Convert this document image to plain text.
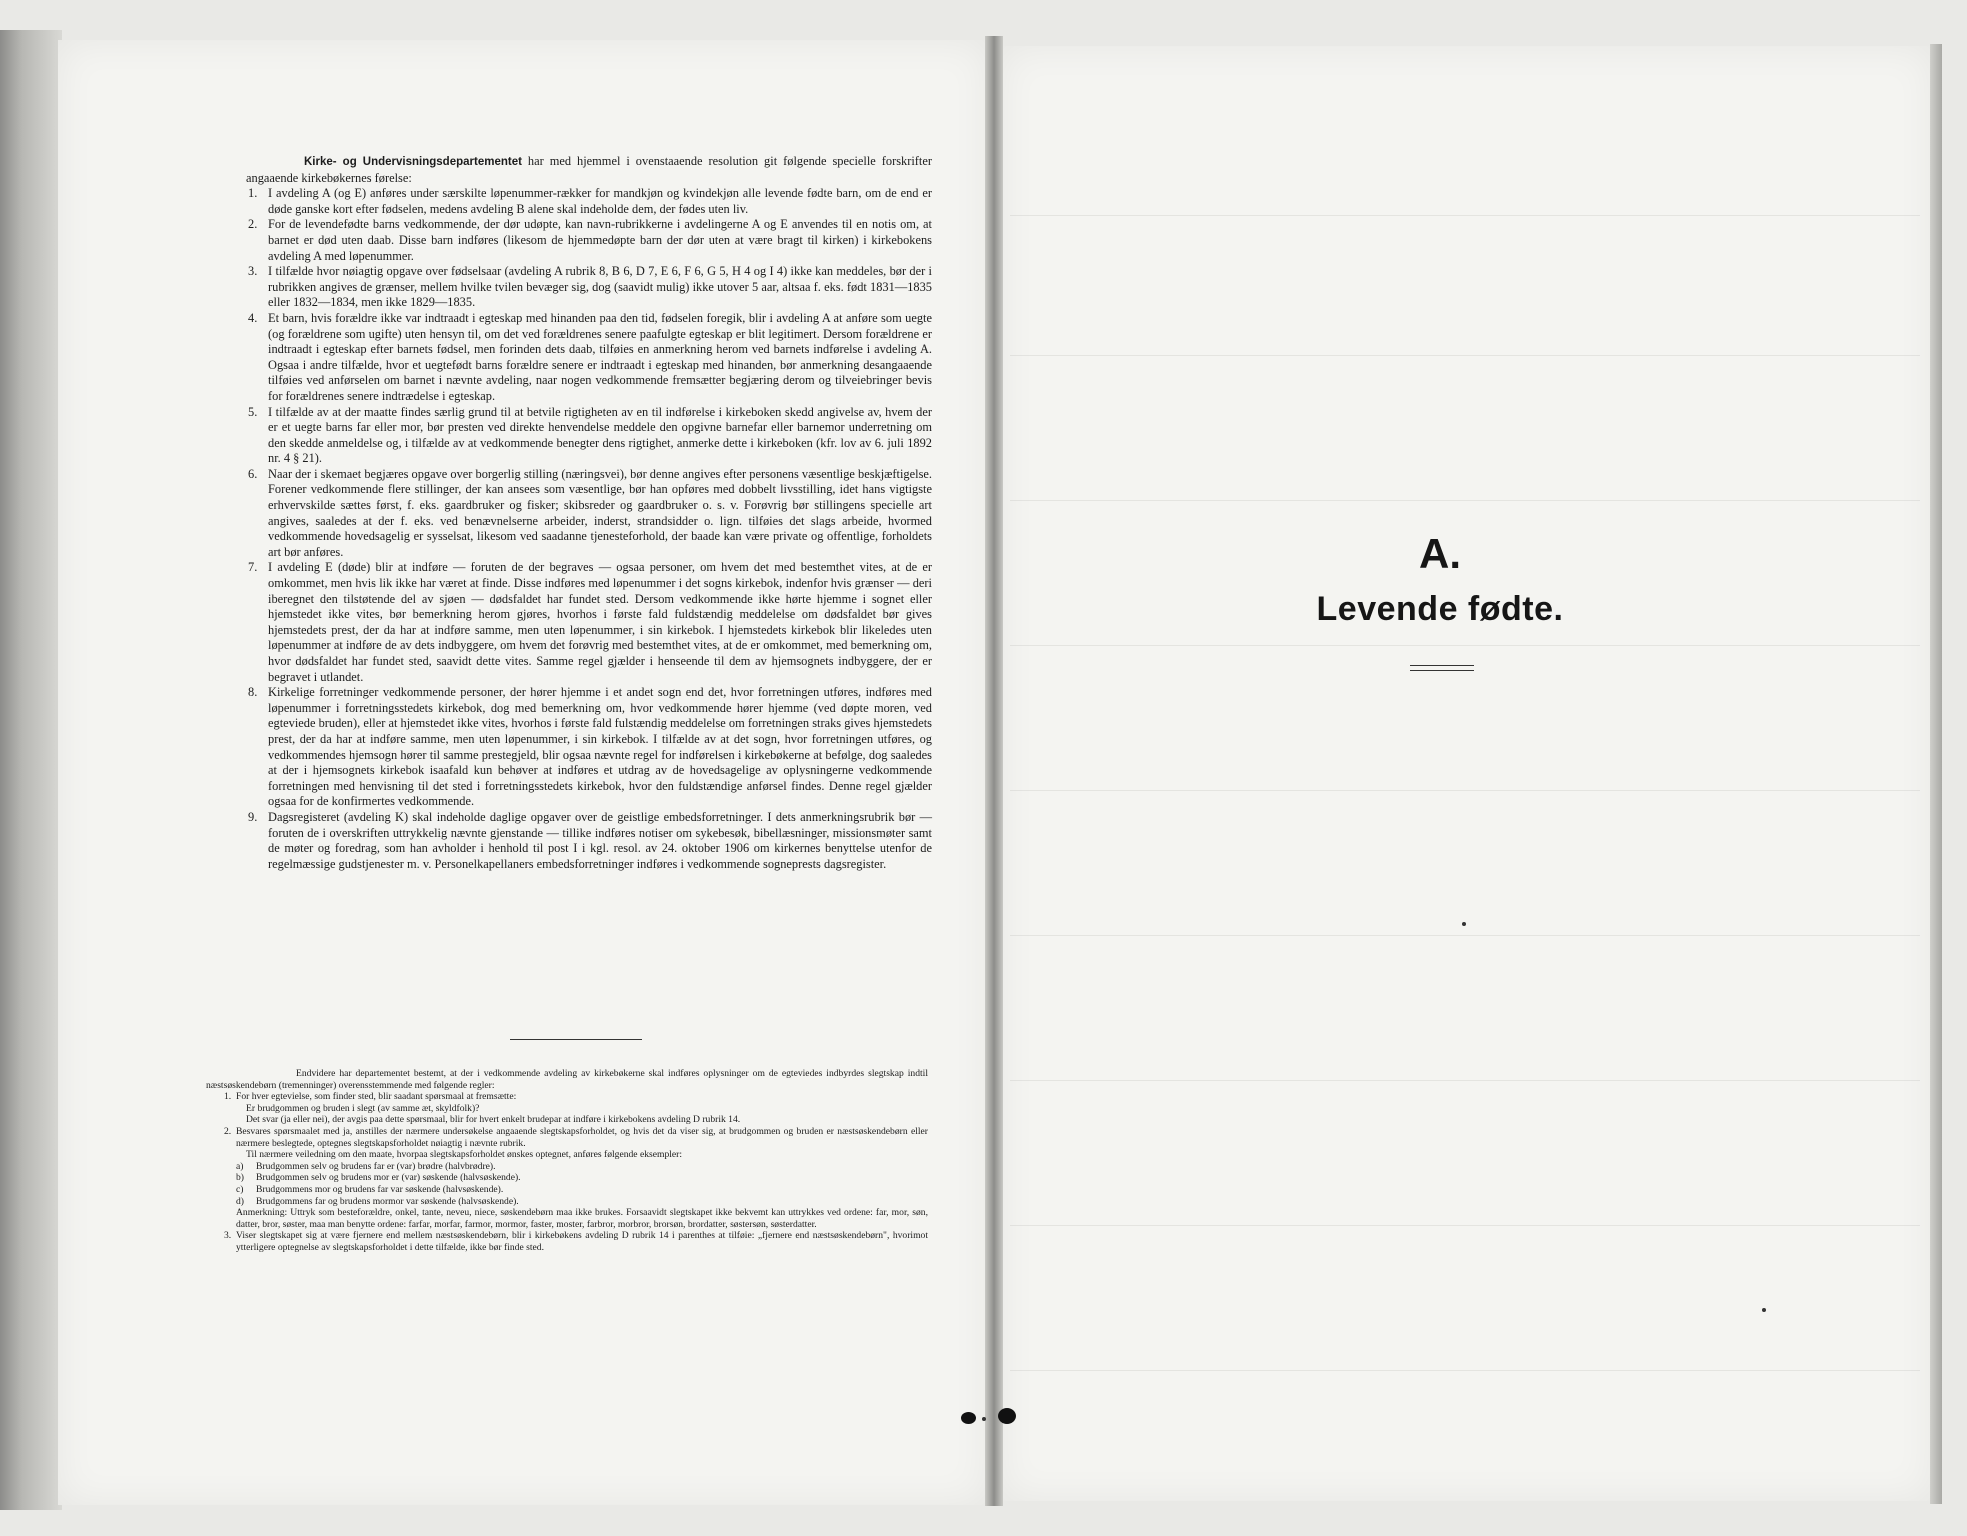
Kirke- og Undervisningsdepartementet har med hjemmel i ovenstaaende resolution git følgende specielle forskrifter angaaende kirkebøkernes førelse:

1. I avdeling A (og E) anføres under særskilte løpenummer-rækker for mandkjøn og kvindekjøn alle levende fødte barn, om de end er døde ganske kort efter fødselen, medens avdeling B alene skal indeholde dem, der fødes uten liv.
2. For de levendefødte barns vedkommende, der dør udøpte, kan navn-rubrikkerne i avdelingerne A og E anvendes til en notis om, at barnet er død uten daab. Disse barn indføres (likesom de hjemmedøpte barn der dør uten at være bragt til kirken) i kirkebokens avdeling A med løpenummer.
3. I tilfælde hvor nøiagtig opgave over fødselsaar (avdeling A rubrik 8, B 6, D 7, E 6, F 6, G 5, H 4 og I 4) ikke kan meddeles, bør der i rubrikken angives de grænser, mellem hvilke tvilen bevæger sig, dog (saavidt mulig) ikke utover 5 aar, altsaa f. eks. født 1831—1835 eller 1832—1834, men ikke 1829—1835.
4. Et barn, hvis forældre ikke var indtraadt i egteskap med hinanden paa den tid, fødselen foregik, blir i avdeling A at anføre som uegte (og forældrene som ugifte) uten hensyn til, om det ved forældrenes senere paafulgte egteskap er blit legitimert. Dersom forældrene er indtraadt i egteskap efter barnets fødsel, men forinden dets daab, tilføies en anmerkning herom ved barnets indførelse i avdeling A. Ogsaa i andre tilfælde, hvor et uegtefødt barns forældre senere er indtraadt i egteskap med hinanden, bør anmerkning desangaaende tilføies ved anførselen om barnet i nævnte avdeling, naar nogen vedkommende fremsætter begjæring derom og tilveiebringer bevis for forældrenes senere indtrædelse i egteskap.
5. I tilfælde av at der maatte findes særlig grund til at betvile rigtigheten av en til indførelse i kirkeboken skedd angivelse av, hvem der er et uegte barns far eller mor, bør presten ved direkte henvendelse meddele den opgivne barnefar eller barnemor underretning om den skedde anmeldelse og, i tilfælde av at vedkommende benegter dens rigtighet, anmerke dette i kirkeboken (kfr. lov av 6. juli 1892 nr. 4 § 21).
6. Naar der i skemaet begjæres opgave over borgerlig stilling (næringsvei), bør denne angives efter personens væsentlige beskjæftigelse. Forener vedkommende flere stillinger, der kan ansees som væsentlige, bør han opføres med dobbelt livsstilling, idet hans vigtigste erhvervskilde sættes først, f. eks. gaardbruker og fisker; skibsreder og gaardbruker o. s. v. Forøvrig bør stillingens specielle art angives, saaledes at der f. eks. ved benævnelserne arbeider, inderst, strandsidder o. lign. tilføies det slags arbeide, hvormed vedkommende hovedsagelig er sysselsat, likesom ved saadanne tjenesteforhold, der baade kan være private og offentlige, forholdets art bør anføres.
7. I avdeling E (døde) blir at indføre — foruten de der begraves — ogsaa personer, om hvem det med bestemthet vites, at de er omkommet, men hvis lik ikke har været at finde. Disse indføres med løpenummer i det sogns kirkebok, indenfor hvis grænser — deri iberegnet den tilstøtende del av sjøen — dødsfaldet har fundet sted. Dersom vedkommende ikke hørte hjemme i sognet eller hjemstedet ikke vites, bør bemerkning herom gjøres, hvorhos i første fald fuldstændig meddelelse om dødsfaldet bør gives hjemstedets prest, der da har at indføre samme, men uten løpenummer, i sin kirkebok. I hjemstedets kirkebok blir likeledes uten løpenummer at indføre de av dets indbyggere, om hvem det forøvrig med bestemthet vites, at de er omkommet, med bemerkning om, hvor dødsfaldet har fundet sted, saavidt dette vites. Samme regel gjælder i henseende til dem av hjemsognets indbyggere, der er begravet i utlandet.
8. Kirkelige forretninger vedkommende personer, der hører hjemme i et andet sogn end det, hvor forretningen utføres, indføres med løpenummer i forretningsstedets kirkebok, dog med bemerkning om, hvor vedkommende hører hjemme (ved døpte moren, ved egteviede bruden), eller at hjemstedet ikke vites, hvorhos i første fald fulstændig meddelelse om forretningen straks gives hjemstedets prest, der da har at indføre samme, men uten løpenummer, i sin kirkebok. I tilfælde av at det sogn, hvor forretningen utføres, og vedkommendes hjemsogn hører til samme prestegjeld, blir ogsaa nævnte regel for indførelsen i kirkebøkerne at befølge, dog saaledes at der i hjemsognets kirkebok isaafald kun behøver at indføres et utdrag av de hovedsagelige av oplysningerne vedkommende forretningen med henvisning til det sted i forretningsstedets kirkebok, hvor den fuldstændige anførsel findes. Denne regel gjælder ogsaa for de konfirmertes vedkommende.
9. Dagsregisteret (avdeling K) skal indeholde daglige opgaver over de geistlige embedsforretninger. I dets anmerkningsrubrik bør — foruten de i overskriften uttrykkelig nævnte gjenstande — tillike indføres notiser om sykebesøk, bibellæsninger, missionsmøter samt de møter og foredrag, som han avholder i henhold til post I i kgl. resol. av 24. oktober 1906 om kirkernes benyttelse utenfor de regelmæssige gudstjenester m. v. Personelkapellaners embedsforretninger indføres i vedkommende sogneprests dagsregister.

Endvidere har departementet bestemt, at der i vedkommende avdeling av kirkebøkerne skal indføres oplysninger om de egteviedes indbyrdes slegtskap indtil næstsøskendebørn (tremenninger) overensstemmende med følgende regler:

1. For hver egtevielse, som finder sted, blir saadant spørsmaal at fremsætte:
Er brudgommen og bruden i slegt (av samme æt, skyldfolk)?
Det svar (ja eller nei), der avgis paa dette spørsmaal, blir for hvert enkelt brudepar at indføre i kirkebokens avdeling D rubrik 14.
2. Besvares spørsmaalet med ja, anstilles der nærmere undersøkelse angaaende slegtskapsforholdet, og hvis det da viser sig, at brudgommen og bruden er næstsøskendebørn eller nærmere beslegtede, optegnes slegtskapsforholdet nøiagtig i nævnte rubrik.
Til nærmere veiledning om den maate, hvorpaa slegtskapsforholdet ønskes optegnet, anføres følgende eksempler:
a) Brudgommen selv og brudens far er (var) brødre (halvbrødre).
b) Brudgommen selv og brudens mor er (var) søskende (halvsøskende).
c) Brudgommens mor og brudens far var søskende (halvsøskende).
d) Brudgommens far og brudens mormor var søskende (halvsøskende).
Anmerkning: Uttryk som besteforældre, onkel, tante, neveu, niece, søskendebørn maa ikke brukes. Forsaavidt slegtskapet ikke bekvemt kan uttrykkes ved ordene: far, mor, søn, datter, bror, søster, maa man benytte ordene: farfar, morfar, farmor, mormor, faster, moster, farbror, morbror, brorsøn, brordatter, søstersøn, søsterdatter.
3. Viser slegtskapet sig at være fjernere end mellem næstsøskendebørn, blir i kirkebøkens avdeling D rubrik 14 i parenthes at tilføie: „fjernere end næstsøskendebørn", hvorimot ytterligere optegnelse av slegtskapsforholdet i dette tilfælde, ikke bør finde sted.
A.
Levende fødte.
